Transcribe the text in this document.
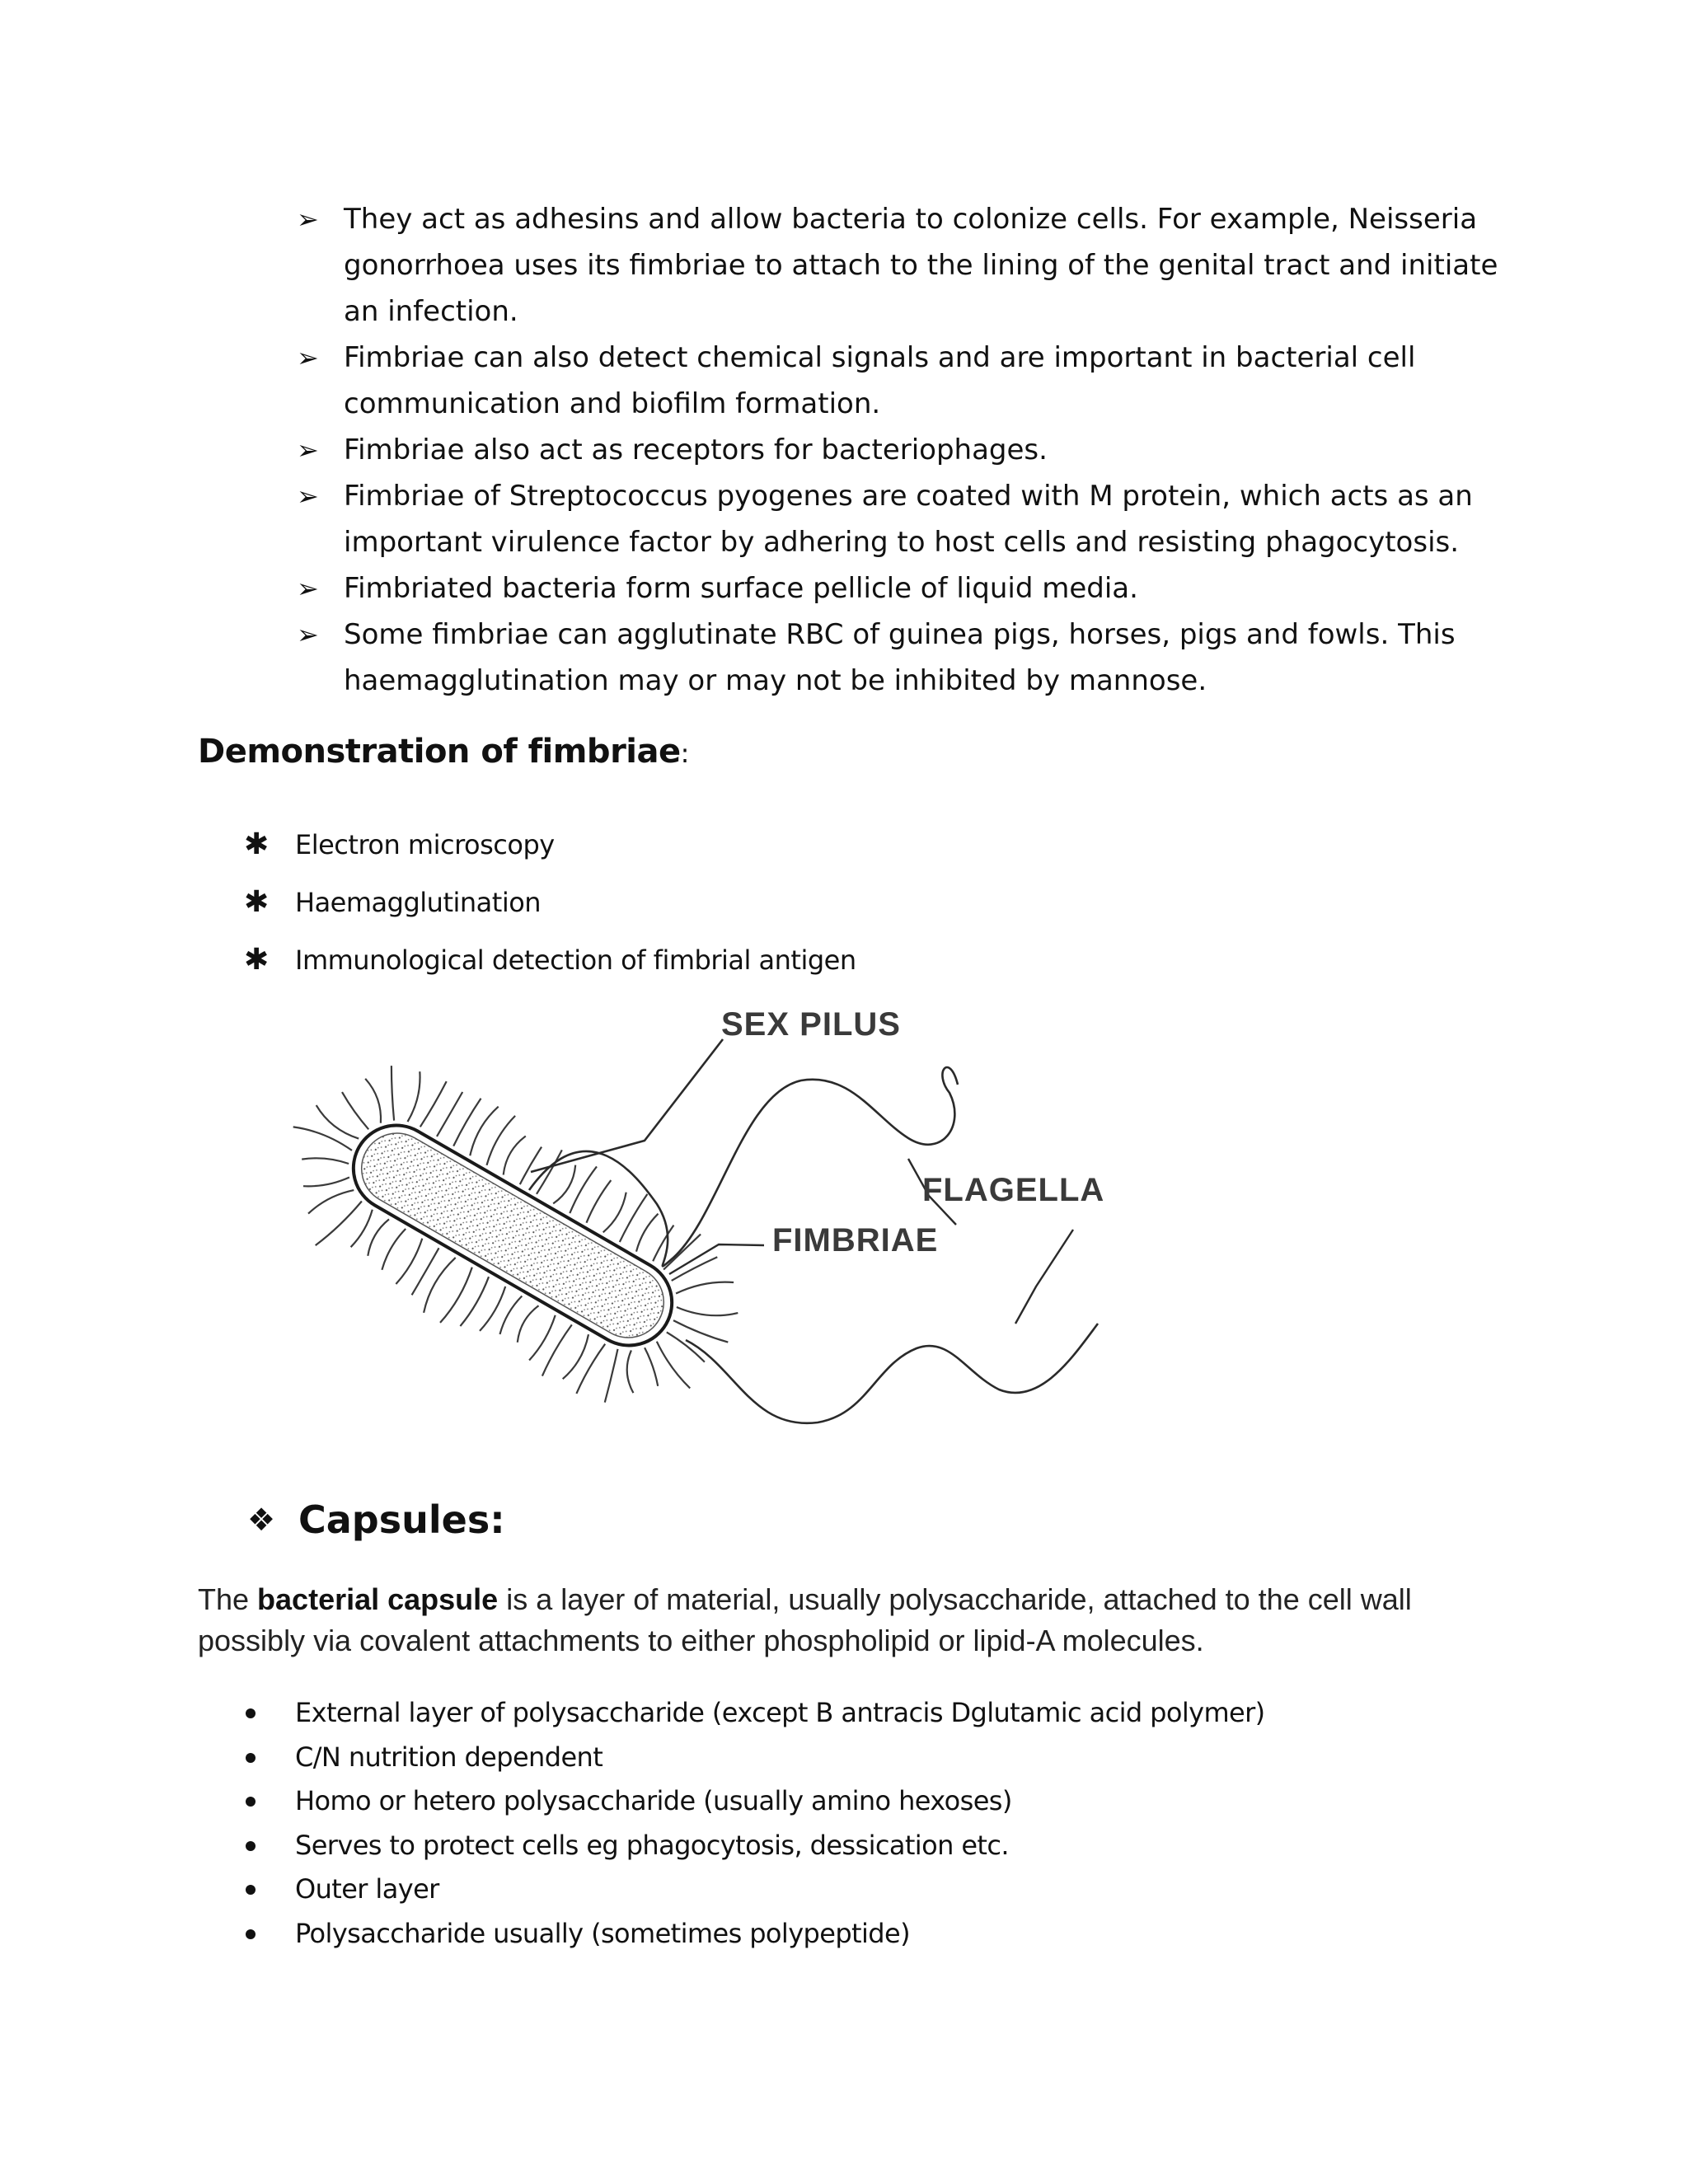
➢ They act as adhesins and allow bacteria to colonize cells. For example, Neisseria gonorrhoea uses its fimbriae to attach to the lining of the genital tract and initiate an infection.
➢ Fimbriae can also detect chemical signals and are important in bacterial cell communication and biofilm formation.
➢ Fimbriae also act as receptors for bacteriophages.
➢ Fimbriae of Streptococcus pyogenes are coated with M protein, which acts as an important virulence factor by adhering to host cells and resisting phagocytosis.
➢ Fimbriated bacteria form surface pellicle of liquid media.
➢ Some fimbriae can agglutinate RBC of guinea pigs, horses, pigs and fowls. This haemagglutination may or may not be inhibited by mannose.
Demonstration of fimbriae:
✱ Electron microscopy
✱ Haemagglutination
✱ Immunological detection of fimbrial antigen
SEX PILUS
FLAGELLA
FIMBRIAE
❖ Capsules:

The bacterial capsule is a layer of material, usually polysaccharide, attached to the cell wall possibly via covalent attachments to either phospholipid or lipid-A molecules.

External layer of polysaccharide (except B antracis Dglutamic acid polymer)
C/N nutrition dependent
Homo or hetero polysaccharide (usually amino hexoses)
Serves to protect cells eg phagocytosis, dessication etc.
Outer layer
Polysaccharide usually (sometimes polypeptide)
